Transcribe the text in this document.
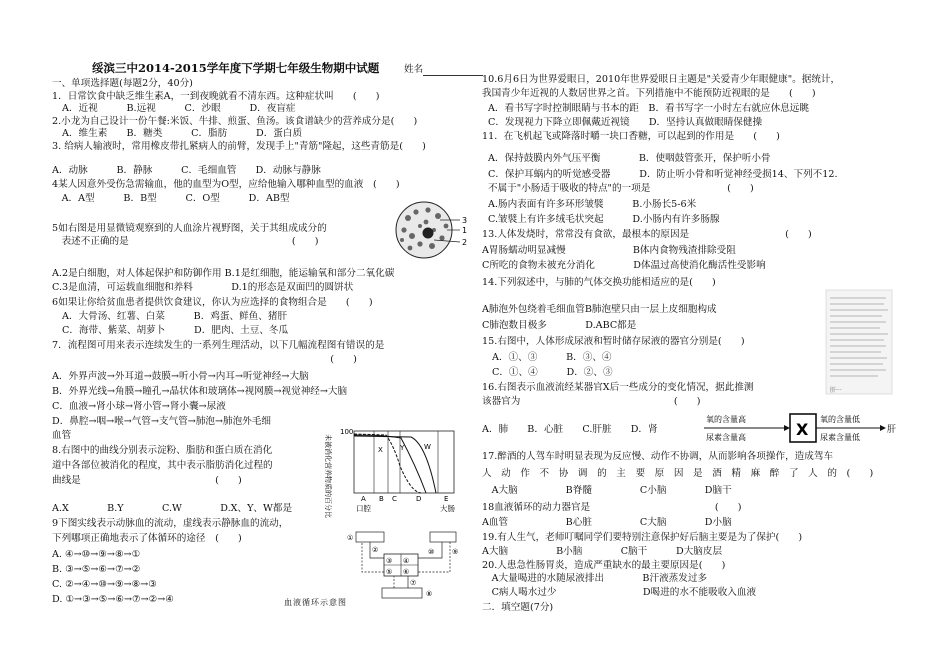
绥滨三中2014-2015学年度下学期七年级生物期中试题	姓名
一、单项选择题(每题2分，40分)
1．日常饮食中缺乏维生素A，一到夜晚就看不清东西。这种症状叫　　(　　)
A．近视　　　B.远视　　　C．沙眼　　　D．夜盲症
2.小龙为自己设计一份午餐:米饭、牛排、煎蛋、鱼汤。该食谱缺少的营养成分是(　　)
A．维生素　　B．糖类　　　C．脂肪　　　D．蛋白质
3. 给病人输液时，常用橡皮带扎紧病人的前臂，发现手上"青筋"隆起，这些青筋是(　　)
A．动脉　　　B．静脉　　　C．毛细血管　　D．动脉与静脉
4某人因意外受伤急需输血，他的血型为O型，应给他输入哪种血型的血液　(　　)
　A．A型　　　B．B型　　　C．O型　　　D．AB型
5如右图是用显微镜观察到的人血涂片视野图，关于其组成成分的
　表述不正确的是　　　　　　　　　　　　　　　　　(　　)
3
1
2
A.2是白细胞，对人体起保护和防御作用 B.1是红细胞，能运输氧和部分二氧化碳
C.3是血清，可运载血细胞和养料　　　　D.1的形态是双面凹的圆饼状
6如果让你给贫血患者提供饮食建议，你认为应选择的食物组合是　　(　　)
A．大骨汤、红薯、白菜　　　B．鸡蛋、鲜鱼、猪肝
C．海带、紫菜、胡萝卜　　　D．肥肉、土豆、冬瓜
7．流程图可用来表示连续发生的一系列生理活动，以下几幅流程图有错误的是
　　　　　　　　　　　　　　　　　　　　　　　　　　　　　(　　)
A．外界声波→外耳道→鼓膜→听小骨→内耳→听觉神经→大脑
B．外界光线→角膜→瞳孔→晶状体和玻璃体→视网膜→视觉神经→大脑
C．血液→肾小球→肾小管→肾小囊→尿液
D．鼻腔→咽→喉→气管→支气管→肺泡→肺泡外毛细
血管
8.右图中的曲线分别表示淀粉、脂肪和蛋白质在消化
道中各部位被消化的程度，其中表示脂肪消化过程的
曲线是　　　　　　　　　　　　　　(　　)
A.X　　　　B.Y　　　　C.W　　　　D.X、Y、W都是	未被消化营养物质的百分比
100
X Y	W
A B C	D	E
口腔	大肠
9下图实线表示动脉血的流动，虚线表示静脉血的流动，
下列哪项正确地表示了体循环的途径　(　　)
A. ④→⑩→⑨→⑧→①
B. ③→⑤→⑥→⑦→②
C. ②→④→⑩→⑨→⑧→③
D. ①→③→⑤→⑥→⑦→②→④
①
②
③ ④
⑤ ⑥
⑦
⑧
⑨
⑩
血液循环示意图
10.6月6日为世界爱眼日，2010年世界爱眼日主题是"关爱青少年眼健康"。据统计，
我国青少年近视的人数居世界之首。下列措施中不能预防近视眼的是　　(　　)
A．看书写字时控制眼睛与书本的距　B．看书写字一小时左右就应休息远眺
C．发现视力下降立即佩戴近视镜　　D．坚持认真做眼睛保健操
11．在飞机起飞或降落时嚼一块口香糖，可以起到的作用是　　(　　)
A．保持鼓膜内外气压平衡　　　　B．使咽鼓管张开，保护听小骨
C．保护耳蜗内的听觉感受器　　　D．防止听小骨和听觉神经受损14、下列不12.
不属于"小肠适于吸收的特点"的一项是　　　　　　　　(　　)
A.肠内表面有许多环形皱襞　　　B.小肠长5-6米
C.皱襞上有许多绒毛状突起　　　D.小肠内有许多肠腺
13.人体发烧时，常常没有食欲，最根本的原因是　　　　　　　　　　(　　)
A胃肠蠕动明显减慢　　　　　　　B体内食物残渣排除受阻
C所吃的食物未被充分消化　　　　D体温过高使消化酶活性受影响
14.下列叙述中，与肺的气体交换功能相适应的是(　　)
A肺泡外包绕着毛细血管B肺泡壁只由一层上皮细胞构成
C肺泡数目极多　　　　D.ABC都是
15.右图中，人体形成尿液和暂时储存尿液的器官分别是(　　)
A．①、③　　　B．③、④
C．①、④　　　D．②、③
16.右图表示血液流经某器官X后一些成分的变化情况，据此推测
该器官为　　　　　　　　　　　　　　　　(　　)
A．肺　　B．心脏　　C.肝脏　　D．肾
肝···
氧的含量高
尿素含量高	X
氧的含量低
尿素含量低
肝
17.醉酒的人驾车时明显表现为反应慢、动作不协调，从而影响各项操作，造成驾车
人　动　作　不　协　调　的　主　要　原　因　是　酒　精　麻　醉　了　人　的　(　　)
　A大脑　　　　　B脊髓　　　　　C小脑　　　　D脑干
18血液循环的动力器官是　　　　　　　　　　　　　(　　)
A血管　　　　　　B心脏　　　　　C大脑　　　　D小脑
19.有人生气，老师叮嘱同学们要特别注意保护好后脑主要是为了保护(　　)
A大脑　　　　　B小脑　　　　C脑干　　　D大脑皮层
20.人患急性肠胃炎，造成严重缺水的最主要原因是(　　)
　A大量喝进的水随尿液排出　　　　B汗液蒸发过多
　C病人喝水过少　　　　　　　　　D喝进的水不能吸收入血液
二．填空题(7分)
